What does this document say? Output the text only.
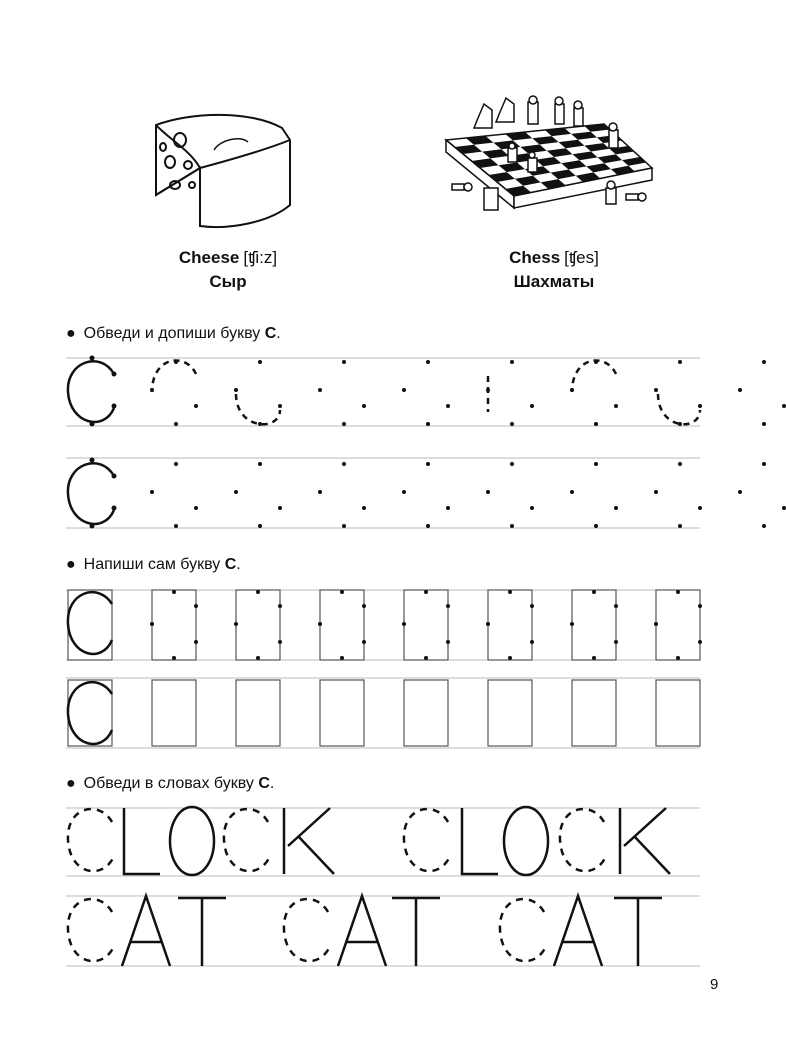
Cheese [ʧi:z]
Сыр
Chess [ʧes]
Шахматы
● Обведи и допиши букву C.
● Напиши сам букву C.
● Обведи в словах букву C.
9
